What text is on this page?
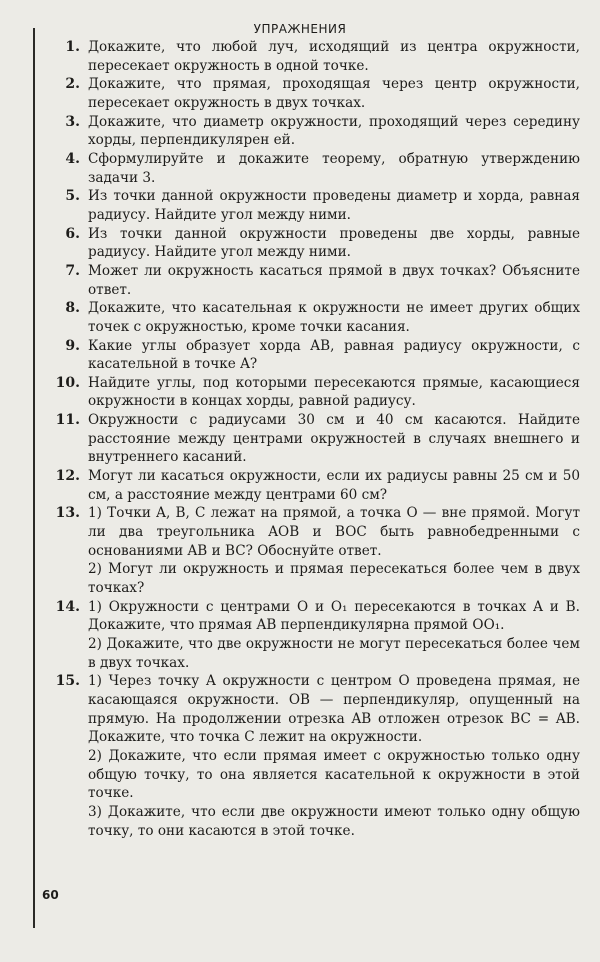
УПРАЖНЕНИЯ
1. Докажите, что любой луч, исходящий из центра окружности, пересекает окружность в одной точке.
2. Докажите, что прямая, проходящая через центр окружности, пересекает окружность в двух точках.
3. Докажите, что диаметр окружности, проходящий через середину хорды, перпендикулярен ей.
4. Сформулируйте и докажите теорему, обратную утверждению задачи 3.
5. Из точки данной окружности проведены диаметр и хорда, равная радиусу. Найдите угол между ними.
6. Из точки данной окружности проведены две хорды, равные радиусу. Найдите угол между ними.
7. Может ли окружность касаться прямой в двух точках? Объясните ответ.
8. Докажите, что касательная к окружности не имеет других общих точек с окружностью, кроме точки касания.
9. Какие углы образует хорда AB, равная радиусу окружности, с касательной в точке A?
10. Найдите углы, под которыми пересекаются прямые, касающиеся окружности в концах хорды, равной радиусу.
11. Окружности с радиусами 30 см и 40 см касаются. Найдите расстояние между центрами окружностей в случаях внешнего и внутреннего касаний.
12. Могут ли касаться окружности, если их радиусы равны 25 см и 50 см, а расстояние между центрами 60 см?
13. 1) Точки A, B, C лежат на прямой, а точка O — вне прямой. Могут ли два треугольника AOB и BOC быть равнобедренными с основаниями AB и BC? Обоснуйте ответ.
2) Могут ли окружность и прямая пересекаться более чем в двух точках?
14. 1) Окружности с центрами O и O₁ пересекаются в точках A и B. Докажите, что прямая AB перпендикулярна прямой OO₁.
2) Докажите, что две окружности не могут пересекаться более чем в двух точках.
15. 1) Через точку A окружности с центром O проведена прямая, не касающаяся окружности. OB — перпендикуляр, опущенный на прямую. На продолжении отрезка AB отложен отрезок BC = AB. Докажите, что точка C лежит на окружности.
2) Докажите, что если прямая имеет с окружностью только одну общую точку, то она является касательной к окружности в этой точке.
3) Докажите, что если две окружности имеют только одну общую точку, то они касаются в этой точке.
60
